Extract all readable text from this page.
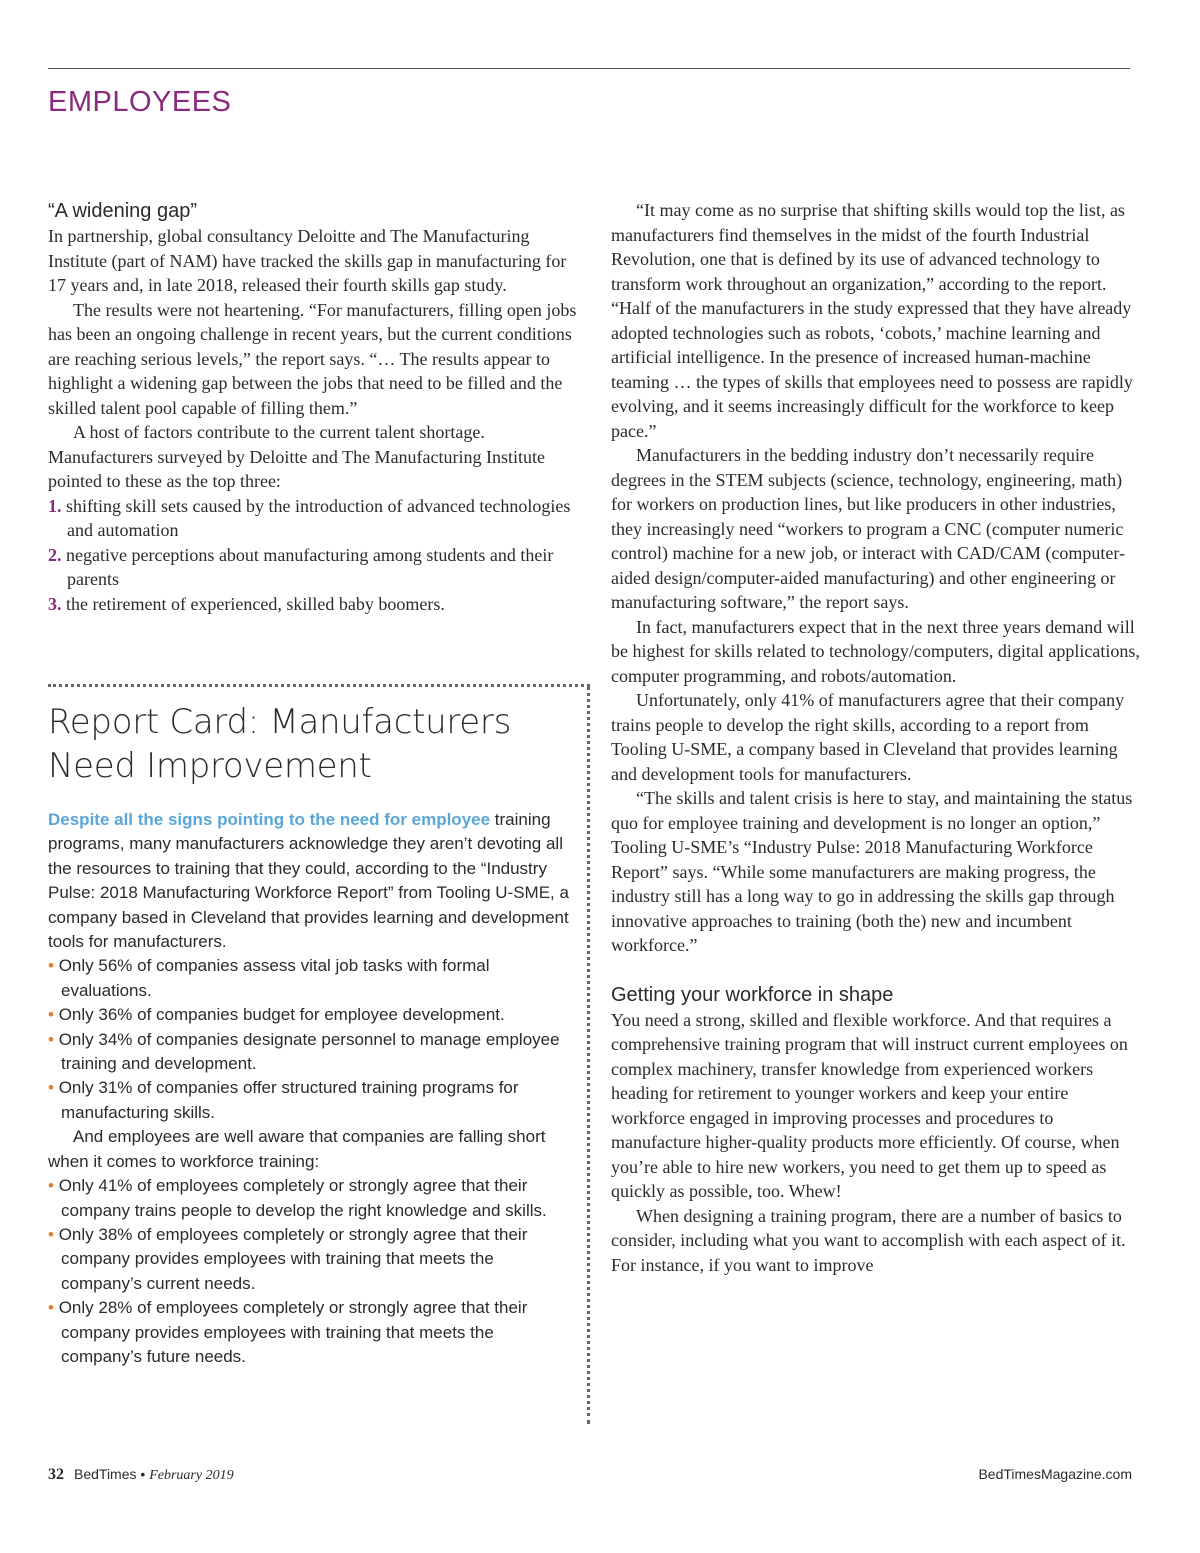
EMPLOYEES
“A widening gap”

In partnership, global consultancy Deloitte and The Manufacturing Institute (part of NAM) have tracked the skills gap in manufacturing for 17 years and, in late 2018, released their fourth skills gap study.

The results were not heartening. “For manufacturers, filling open jobs has been an ongoing challenge in recent years, but the current conditions are reaching serious levels,” the report says. “… The results appear to highlight a widening gap between the jobs that need to be filled and the skilled talent pool capable of filling them.”

A host of factors contribute to the current talent shortage. Manufacturers surveyed by Deloitte and The Manufacturing Institute pointed to these as the top three:

1. shifting skill sets caused by the introduction of advanced technologies and automation
2. negative perceptions about manufacturing among students and their parents
3. the retirement of experienced, skilled baby boomers.
Report Card: Manufacturers Need Improvement

Despite all the signs pointing to the need for employee training programs, many manufacturers acknowledge they aren’t devoting all the resources to training that they could, according to the “Industry Pulse: 2018 Manufacturing Workforce Report” from Tooling U-SME, a company based in Cleveland that provides learning and development tools for manufacturers.

• Only 56% of companies assess vital job tasks with formal evaluations.
• Only 36% of companies budget for employee development.
• Only 34% of companies designate personnel to manage employee training and development.
• Only 31% of companies offer structured training programs for manufacturing skills.

And employees are well aware that companies are falling short when it comes to workforce training:

• Only 41% of employees completely or strongly agree that their company trains people to develop the right knowledge and skills.
• Only 38% of employees completely or strongly agree that their company provides employees with training that meets the company’s current needs.
• Only 28% of employees completely or strongly agree that their company provides employees with training that meets the company’s future needs.

“It may come as no surprise that shifting skills would top the list, as manufacturers find themselves in the midst of the fourth Industrial Revolution, one that is defined by its use of advanced technology to transform work throughout an organization,” according to the report. “Half of the manufacturers in the study expressed that they have already adopted technologies such as robots, ‘cobots,’ machine learning and artificial intelligence. In the presence of increased human-machine teaming … the types of skills that employees need to possess are rapidly evolving, and it seems increasingly difficult for the workforce to keep pace.”

Manufacturers in the bedding industry don’t necessarily require degrees in the STEM subjects (science, technology, engineering, math) for workers on production lines, but like producers in other industries, they increasingly need “workers to program a CNC (computer numeric control) machine for a new job, or interact with CAD/CAM (computer-aided design/computer-aided manufacturing) and other engineering or manufacturing software,” the report says.

In fact, manufacturers expect that in the next three years demand will be highest for skills related to technology/computers, digital applications, computer programming, and robots/automation.

Unfortunately, only 41% of manufacturers agree that their company trains people to develop the right skills, according to a report from Tooling U-SME, a company based in Cleveland that provides learning and development tools for manufacturers.

“The skills and talent crisis is here to stay, and maintaining the status quo for employee training and development is no longer an option,” Tooling U-SME’s “Industry Pulse: 2018 Manufacturing Workforce Report” says. “While some manufacturers are making progress, the industry still has a long way to go in addressing the skills gap through innovative approaches to training (both the) new and incumbent workforce.”

Getting your workforce in shape

You need a strong, skilled and flexible workforce. And that requires a comprehensive training program that will instruct current employees on complex machinery, transfer knowledge from experienced workers heading for retirement to younger workers and keep your entire workforce engaged in improving processes and procedures to manufacture higher-quality products more efficiently. Of course, when you’re able to hire new workers, you need to get them up to speed as quickly as possible, too. Whew!

When designing a training program, there are a number of basics to consider, including what you want to accomplish with each aspect of it. For instance, if you want to improve

32 BedTimes • February 2019	BedTimesMagazine.com
